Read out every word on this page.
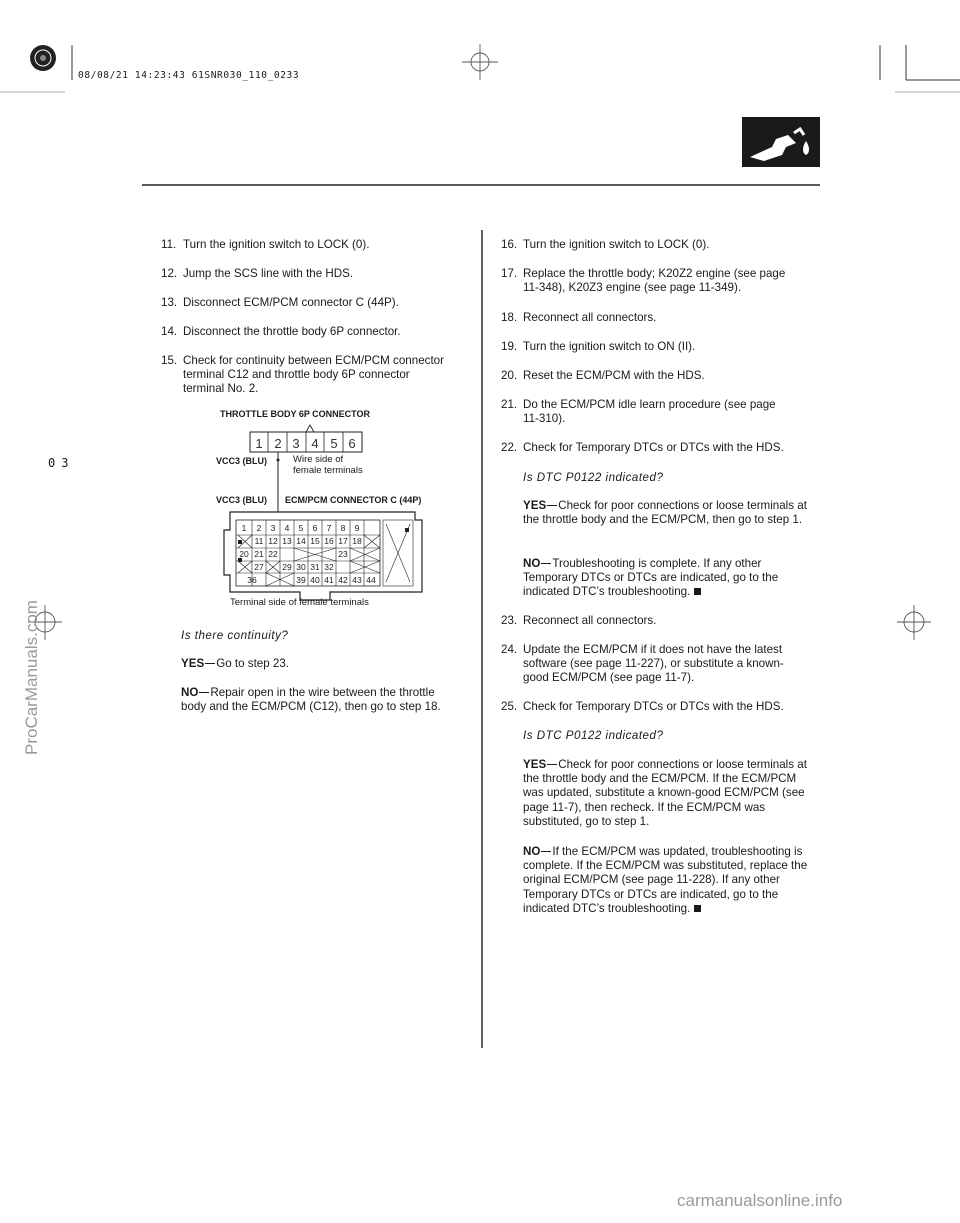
08/08/21 14:23:43 61SNR030_110_0233
03
ProCarManuals.com
carmanualsonline.info
11. Turn the ignition switch to LOCK (0).
12. Jump the SCS line with the HDS.
13. Disconnect ECM/PCM connector C (44P).
14. Disconnect the throttle body 6P connector.
15. Check for continuity between ECM/PCM connector
terminal C12 and throttle body 6P connector
terminal No. 2.
THROTTLE BODY 6P CONNECTOR
1 2 3 4 5 6
1 2 3 4 5 6 7 8 9
11 12 13 14 15 16 17 18
20 21 22	23
27 29 30 31 32
36	39 40 41 42 43 44
VCC3 (BLU)	Wire side of
female terminals
VCC3 (BLU) ECM/PCM CONNECTOR C (44P)
Terminal side of female terminals
Is there continuity?
YES Go to step 23.
NO Repair open in the wire between the throttle body and the ECM/PCM (C12), then go to step 18.
16. Turn the ignition switch to LOCK (0).
17. Replace the throttle body; K20Z2 engine (see page
11-348), K20Z3 engine (see page 11-349).
18. Reconnect all connectors.
19. Turn the ignition switch to ON (II).
20. Reset the ECM/PCM with the HDS.
21. Do the ECM/PCM idle learn procedure (see page
11-310).
22. Check for Temporary DTCs or DTCs with the HDS.
Is DTC P0122 indicated?
YES Check for poor connections or loose terminals at the throttle body and the ECM/PCM, then go to step 1.
NO Troubleshooting is complete. If any other Temporary DTCs or DTCs are indicated, go to the indicated DTC’s troubleshooting.
23. Reconnect all connectors.
24. Update the ECM/PCM if it does not have the latest
software (see page 11-227), or substitute a known-
good ECM/PCM (see page 11-7).
25. Check for Temporary DTCs or DTCs with the HDS.
Is DTC P0122 indicated?
YES Check for poor connections or loose terminals at the throttle body and the ECM/PCM. If the ECM/PCM was updated, substitute a known-good ECM/PCM (see page 11-7), then recheck. If the ECM/PCM was substituted, go to step 1.
NO If the ECM/PCM was updated, troubleshooting is complete. If the ECM/PCM was substituted, replace the original ECM/PCM (see page 11-228). If any other Temporary DTCs or DTCs are indicated, go to the indicated DTC’s troubleshooting.
